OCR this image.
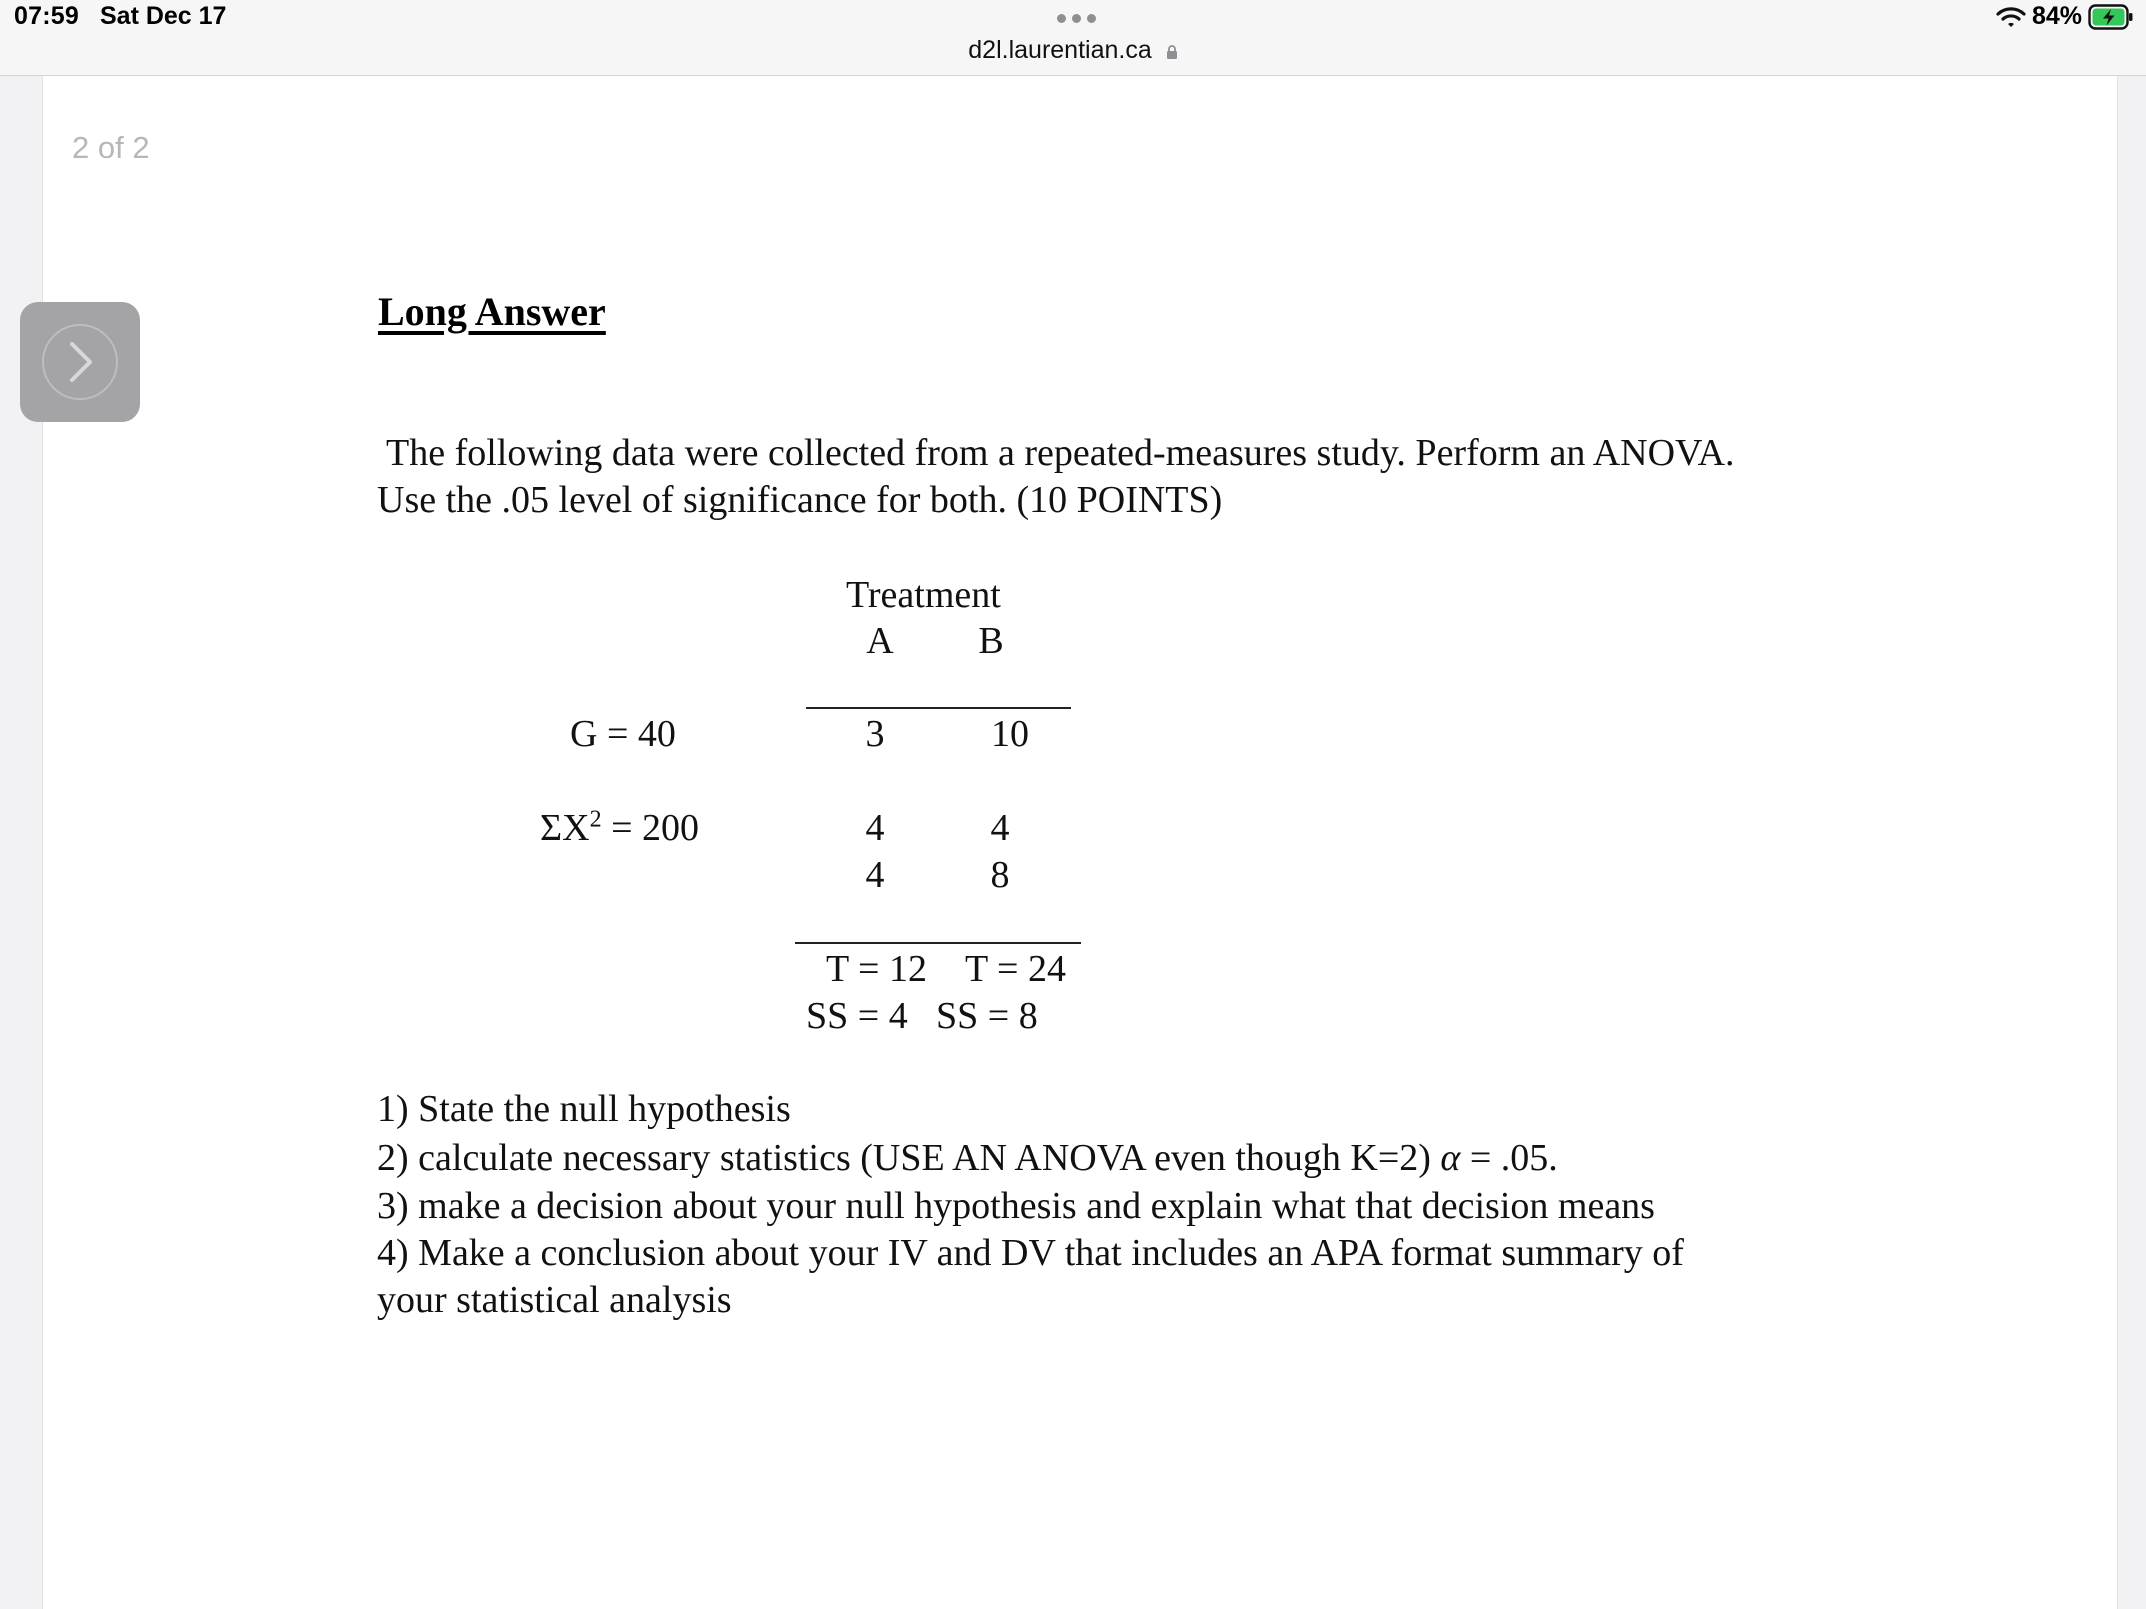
07:59 Sat Dec 17
d2l.laurentian.ca
84%
2 of 2
Long Answer
The following data were collected from a repeated-measures study. Perform an ANOVA.
Use the .05 level of significance for both. (10 POINTS)
Treatment
A	B
G = 40
$\Sigma X^2 = 200$
3	10
4	4
4	8
T = 12 T = 24
SS = 4 SS = 8
1) State the null hypothesis
2) calculate necessary statistics (USE AN ANOVA even though K=2) α = .05.
3) make a decision about your null hypothesis and explain what that decision means
4) Make a conclusion about your IV and DV that includes an APA format summary of
your statistical analysis
